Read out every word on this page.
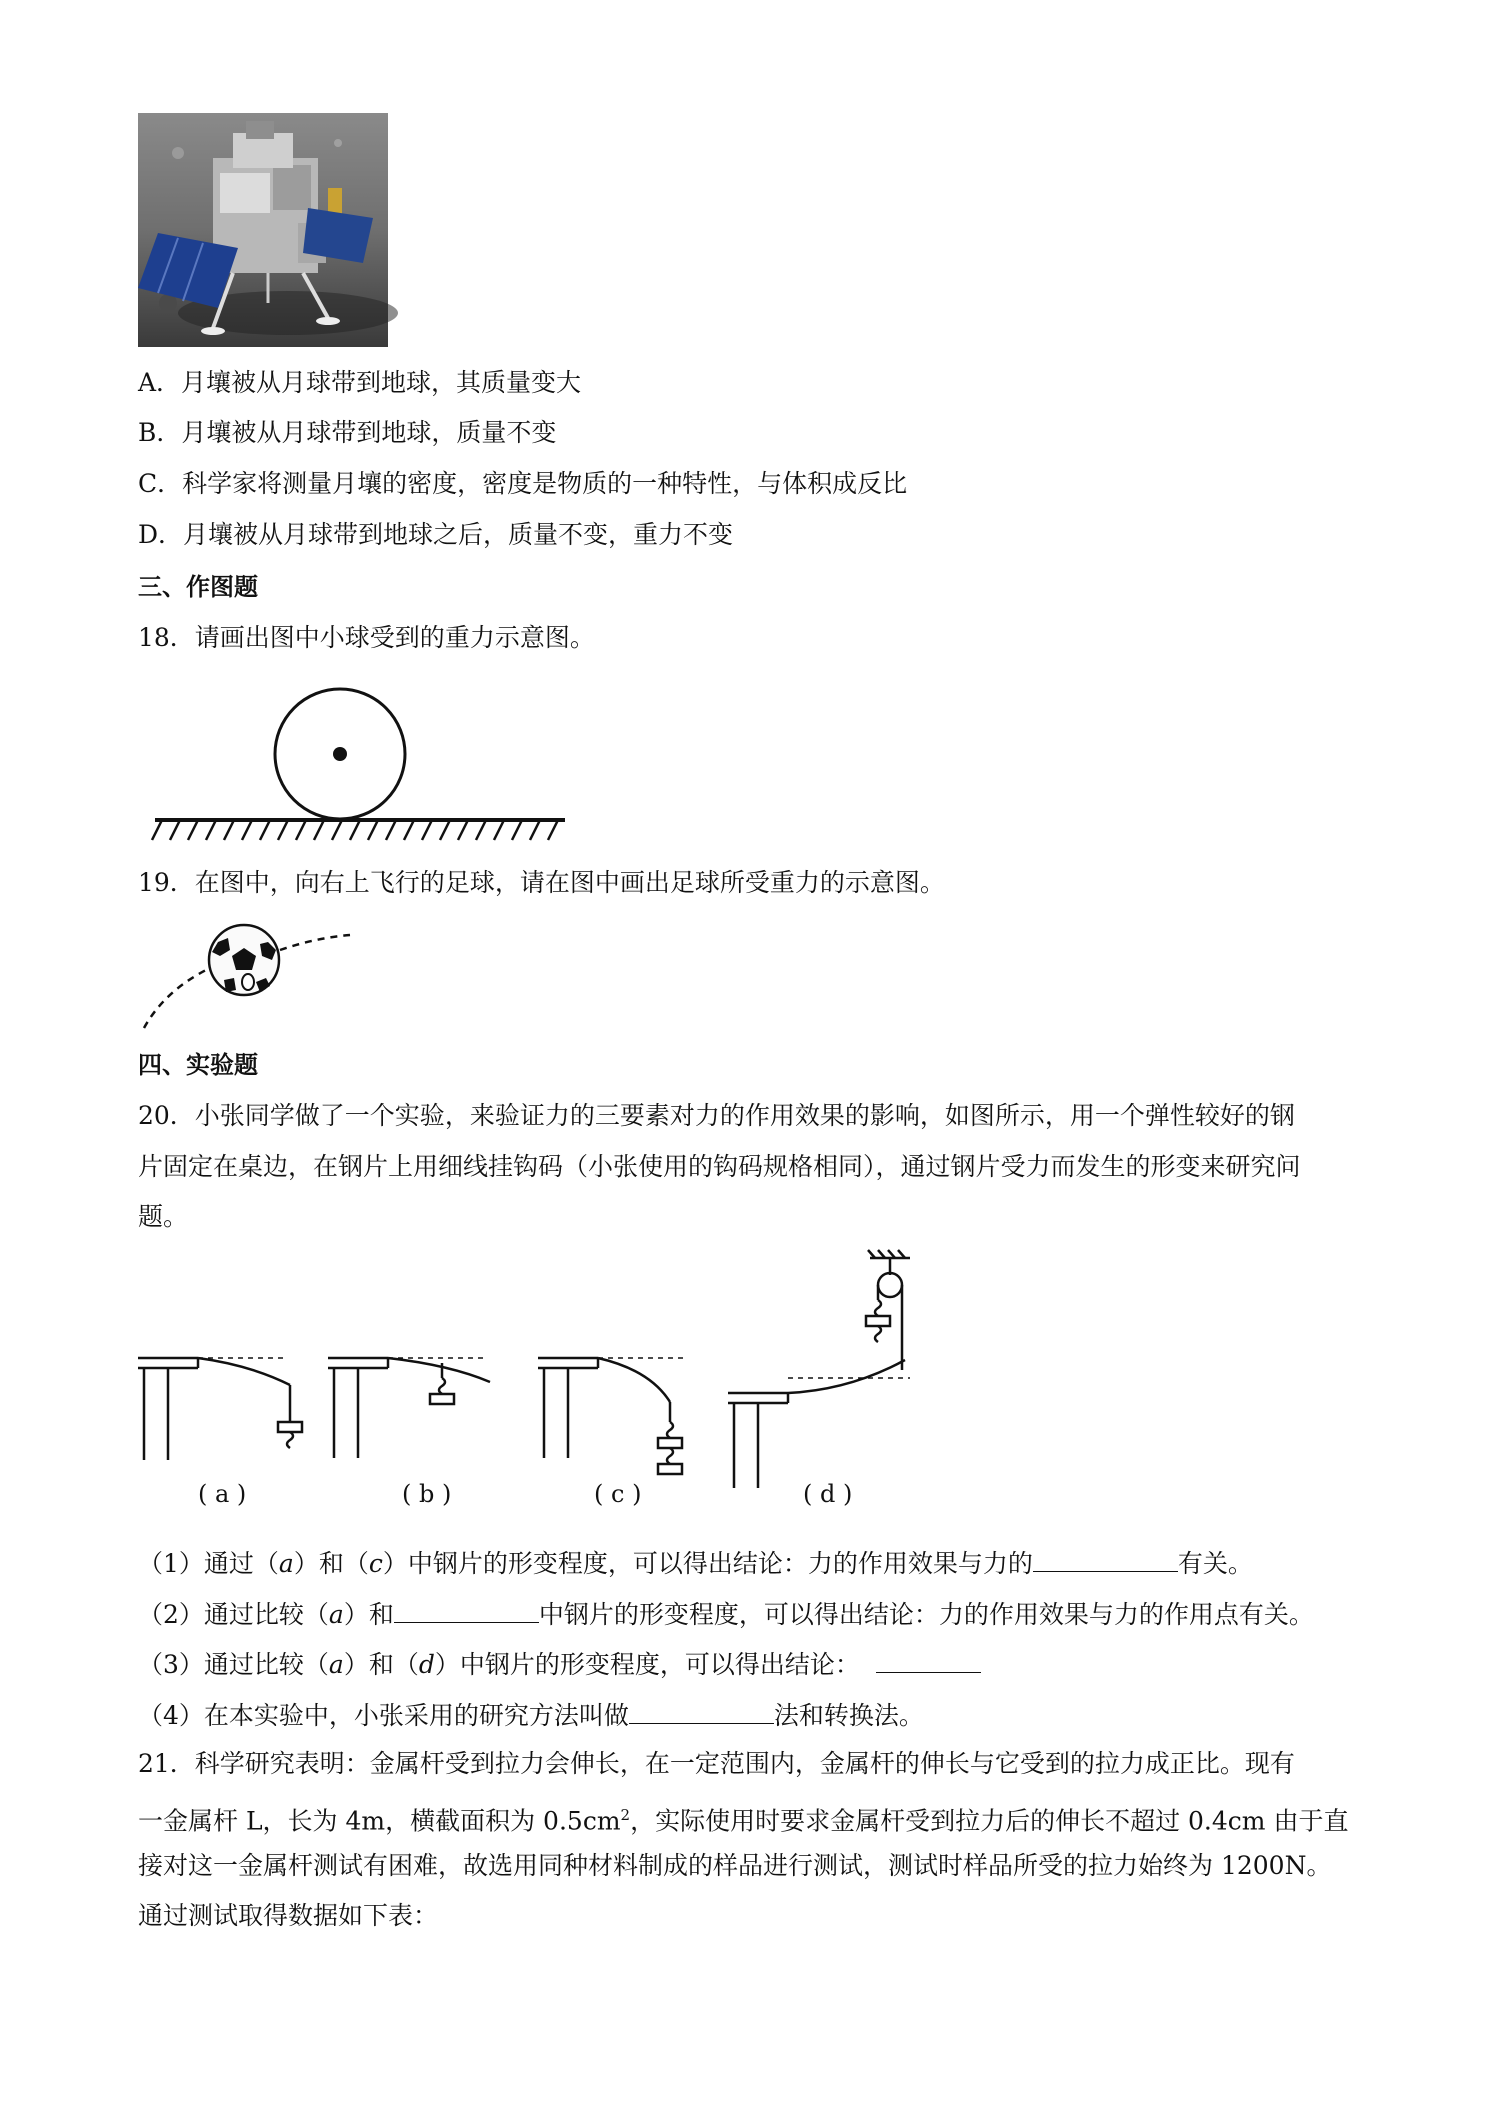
A．月壤被从月球带到地球，其质量变大
B．月壤被从月球带到地球，质量不变
C．科学家将测量月壤的密度，密度是物质的一种特性，与体积成反比
D．月壤被从月球带到地球之后，质量不变，重力不变
三、作图题
18．请画出图中小球受到的重力示意图。
19．在图中，向右上飞行的足球，请在图中画出足球所受重力的示意图。
四、实验题
20．小张同学做了一个实验，来验证力的三要素对力的作用效果的影响，如图所示，用一个弹性较好的钢
片固定在桌边，在钢片上用细线挂钩码（小张使用的钩码规格相同），通过钢片受力而发生的形变来研究问
题。
( a )	( b )	( c )	( d )
（1）通过（a）和（c）中钢片的形变程度，可以得出结论：力的作用效果与力的	有关。
（2）通过比较（a）和	中钢片的形变程度，可以得出结论：力的作用效果与力的作用点有关。
（3）通过比较（a）和（d）中钢片的形变程度，可以得出结论：
（4）在本实验中，小张采用的研究方法叫做	法和转换法。
21．科学研究表明：金属杆受到拉力会伸长，在一定范围内，金属杆的伸长与它受到的拉力成正比。现有
一金属杆 L，长为 4m，横截面积为 $0.5cm^2$，实际使用时要求金属杆受到拉力后的伸长不超过 0.4cm 由于直
接对这一金属杆测试有困难，故选用同种材料制成的样品进行测试，测试时样品所受的拉力始终为 1200N。
通过测试取得数据如下表：
